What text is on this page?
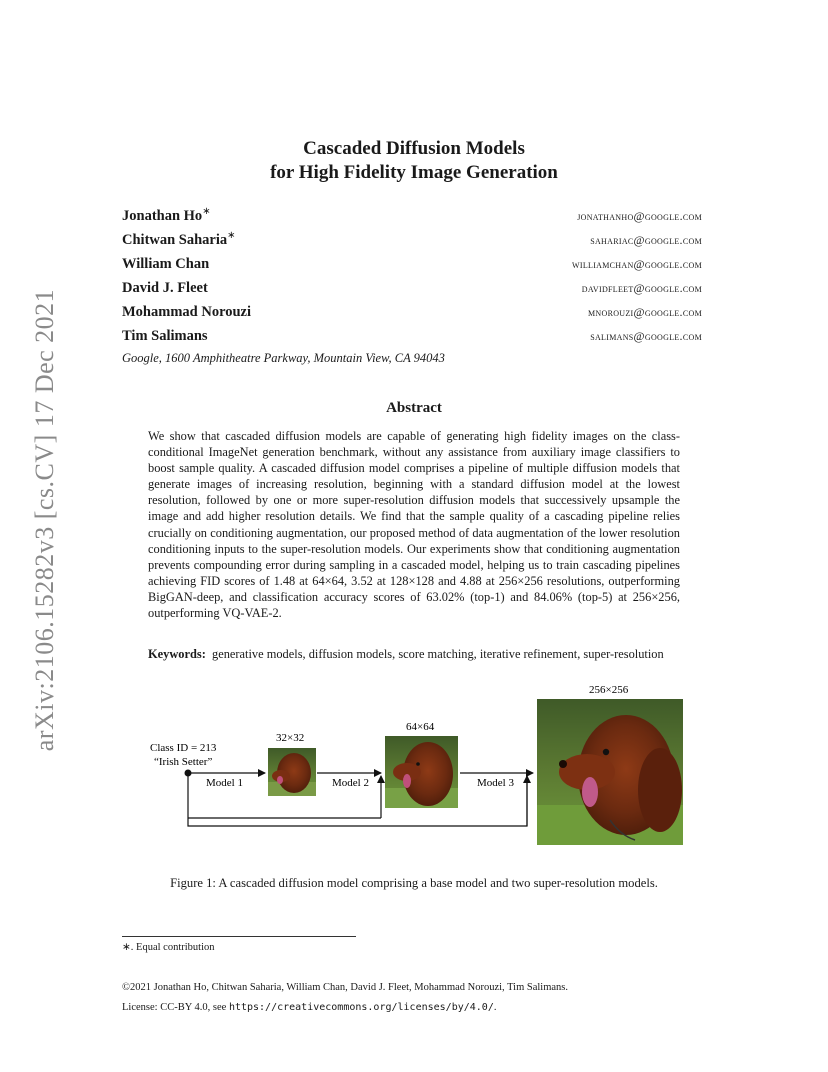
arXiv:2106.15282v3 [cs.CV] 17 Dec 2021
Cascaded Diffusion Models
for High Fidelity Image Generation
Jonathan Ho∗	jonathanho@google.com
Chitwan Saharia∗	sahariac@google.com
William Chan	williamchan@google.com
David J. Fleet	davidfleet@google.com
Mohammad Norouzi	mnorouzi@google.com
Tim Salimans	salimans@google.com
Google, 1600 Amphitheatre Parkway, Mountain View, CA 94043
Abstract
We show that cascaded diffusion models are capable of generating high fidelity images on the class-conditional ImageNet generation benchmark, without any assistance from auxiliary image classifiers to boost sample quality. A cascaded diffusion model comprises a pipeline of multiple diffusion models that generate images of increasing resolution, beginning with a standard diffusion model at the lowest resolution, followed by one or more super-resolution diffusion models that successively upsample the image and add higher resolution details. We find that the sample quality of a cascading pipeline relies crucially on conditioning augmentation, our proposed method of data augmentation of the lower resolution conditioning inputs to the super-resolution models. Our experiments show that conditioning augmentation prevents compounding error during sampling in a cascaded model, helping us to train cascading pipelines achieving FID scores of 1.48 at 64×64, 3.52 at 128×128 and 4.88 at 256×256 resolutions, outperforming BigGAN-deep, and classification accuracy scores of 63.02% (top-1) and 84.06% (top-5) at 256×256, outperforming VQ-VAE-2.
Keywords: generative models, diffusion models, score matching, iterative refinement, super-resolution
Class ID = 213
“Irish Setter”
32×32
64×64
256×256
Model 1	Model 2	Model 3
Figure 1: A cascaded diffusion model comprising a base model and two super-resolution models.
∗. Equal contribution
©2021 Jonathan Ho, Chitwan Saharia, William Chan, David J. Fleet, Mohammad Norouzi, Tim Salimans.
License: CC-BY 4.0, see https://creativecommons.org/licenses/by/4.0/.
